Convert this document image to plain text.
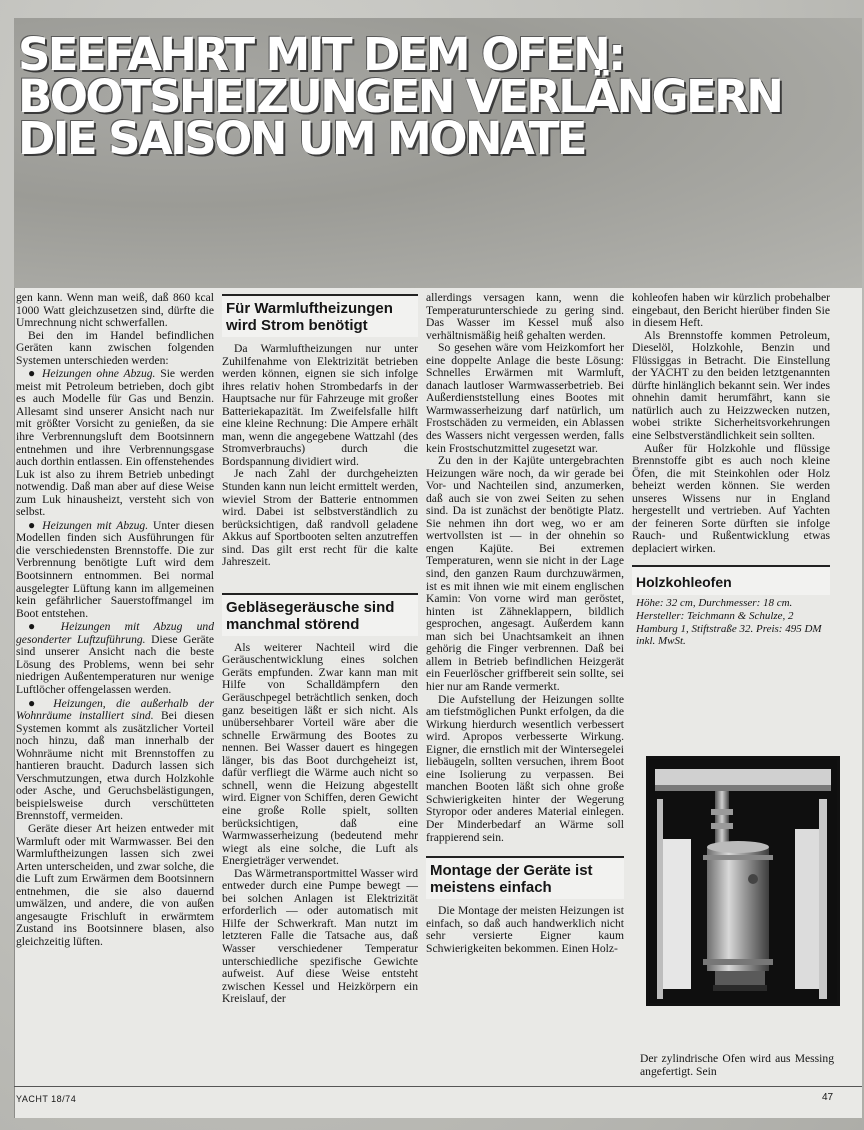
SEEFAHRT MIT DEM OFEN:
BOOTSHEIZUNGEN VERLÄNGERN
DIE SAISON UM MONATE

gen kann. Wenn man weiß, daß 860 kcal 1000 Watt gleichzusetzen sind, dürfte die Umrechnung nicht schwerfallen.

Bei den im Handel befindlichen Geräten kann zwischen folgenden Systemen unterschieden werden:

● Heizungen ohne Abzug. Sie werden meist mit Petroleum betrieben, doch gibt es auch Modelle für Gas und Benzin. Allesamt sind unserer Ansicht nach nur mit größter Vorsicht zu genießen, da sie ihre Verbrennungsluft dem Bootsinnern entnehmen und ihre Verbrennungsgase auch dorthin entlassen. Ein offenstehendes Luk ist also zu ihrem Betrieb unbedingt notwendig. Daß man aber auf diese Weise zum Luk hinausheizt, versteht sich von selbst.

● Heizungen mit Abzug. Unter diesen Modellen finden sich Ausführungen für die verschiedensten Brennstoffe. Die zur Verbrennung benötigte Luft wird dem Bootsinnern entnommen. Bei normal ausgelegter Lüftung kann im allgemeinen kein gefährlicher Sauerstoffmangel im Boot entstehen.

● Heizungen mit Abzug und gesonderter Luftzuführung. Diese Geräte sind unserer Ansicht nach die beste Lösung des Problems, wenn bei sehr niedrigen Außentemperaturen nur wenige Luftlöcher offengelassen werden.

● Heizungen, die außerhalb der Wohnräume installiert sind. Bei diesen Systemen kommt als zusätzlicher Vorteil noch hinzu, daß man innerhalb der Wohnräume nicht mit Brennstoffen zu hantieren braucht. Dadurch lassen sich Verschmutzungen, etwa durch Holzkohle oder Asche, und Geruchsbelästigungen, beispielsweise durch verschütteten Brennstoff, vermeiden.

Geräte dieser Art heizen entweder mit Warmluft oder mit Warmwasser. Bei den Warmluftheizungen lassen sich zwei Arten unterscheiden, und zwar solche, die die Luft zum Erwärmen dem Bootsinnern entnehmen, die sie also dauernd umwälzen, und andere, die von außen angesaugte Frischluft in erwärmtem Zustand ins Bootsinnere blasen, also gleichzeitig lüften.

Für Warmluftheizungen wird Strom benötigt

Da Warmluftheizungen nur unter Zuhilfenahme von Elektrizität betrieben werden können, eignen sie sich infolge ihres relativ hohen Strombedarfs in der Hauptsache nur für Fahrzeuge mit großer Batteriekapazität. Im Zweifelsfalle hilft eine kleine Rechnung: Die Ampere erhält man, wenn die angegebene Wattzahl (des Stromverbrauchs) durch die Bordspannung dividiert wird.

Je nach Zahl der durchgeheizten Stunden kann nun leicht ermittelt werden, wieviel Strom der Batterie entnommen wird. Dabei ist selbstverständlich zu berücksichtigen, daß randvoll geladene Akkus auf Sportbooten selten anzutreffen sind. Das gilt erst recht für die kalte Jahreszeit.

Gebläsegeräusche sind manchmal störend

Als weiterer Nachteil wird die Geräuschentwicklung eines solchen Geräts empfunden. Zwar kann man mit Hilfe von Schalldämpfern den Geräuschpegel beträchtlich senken, doch ganz beseitigen läßt er sich nicht. Als unübersehbarer Vorteil wäre aber die schnelle Erwärmung des Bootes zu nennen. Bei Wasser dauert es hingegen länger, bis das Boot durchgeheizt ist, dafür verfliegt die Wärme auch nicht so schnell, wenn die Heizung abgestellt wird. Eigner von Schiffen, deren Gewicht eine große Rolle spielt, sollten berücksichtigen, daß eine Warmwasserheizung (bedeutend mehr wiegt als eine solche, die Luft als Energieträger verwendet.

Das Wärmetransportmittel Wasser wird entweder durch eine Pumpe bewegt — bei solchen Anlagen ist Elektrizität erforderlich — oder automatisch mit Hilfe der Schwerkraft. Man nutzt im letzteren Falle die Tatsache aus, daß Wasser verschiedener Temperatur unterschiedliche spezifische Gewichte aufweist. Auf diese Weise entsteht zwischen Kessel und Heizkörpern ein Kreislauf, der

allerdings versagen kann, wenn die Temperaturunterschiede zu gering sind. Das Wasser im Kessel muß also verhältnismäßig heiß gehalten werden.

So gesehen wäre vom Heizkomfort her eine doppelte Anlage die beste Lösung: Schnelles Erwärmen mit Warmluft, danach lautloser Warmwasserbetrieb. Bei Außerdienststellung eines Bootes mit Warmwasserheizung darf natürlich, um Frostschäden zu vermeiden, ein Ablassen des Wassers nicht vergessen werden, falls kein Frostschutzmittel zugesetzt war.

Zu den in der Kajüte untergebrachten Heizungen wäre noch, da wir gerade bei Vor- und Nachteilen sind, anzumerken, daß auch sie von zwei Seiten zu sehen sind. Da ist zunächst der benötigte Platz. Sie nehmen ihn dort weg, wo er am wertvollsten ist — in der ohnehin so engen Kajüte. Bei extremen Temperaturen, wenn sie nicht in der Lage sind, den ganzen Raum durchzuwärmen, ist es mit ihnen wie mit einem englischen Kamin: Von vorne wird man geröstet, hinten ist Zähneklappern, bildlich gesprochen, angesagt. Außerdem kann man sich bei Unachtsamkeit an ihnen gehörig die Finger verbrennen. Daß bei allem in Betrieb befindlichen Heizgerät ein Feuerlöscher griffbereit sein sollte, sei hier nur am Rande vermerkt.

Die Aufstellung der Heizungen sollte am tiefstmöglichen Punkt erfolgen, da die Wirkung hierdurch wesentlich verbessert wird. Apropos verbesserte Wirkung. Eigner, die ernstlich mit der Wintersegelei liebäugeln, sollten versuchen, ihrem Boot eine Isolierung zu verpassen. Bei manchen Booten läßt sich ohne große Schwierigkeiten hinter der Wegerung Styropor oder anderes Material einlegen. Der Minderbedarf an Wärme soll frappierend sein.

Montage der Geräte ist meistens einfach

Die Montage der meisten Heizungen ist einfach, so daß auch handwerklich nicht sehr versierte Eigner kaum Schwierigkeiten bekommen. Einen Holz-

kohleofen haben wir kürzlich probehalber eingebaut, den Bericht hierüber finden Sie in diesem Heft.

Als Brennstoffe kommen Petroleum, Dieselöl, Holzkohle, Benzin und Flüssiggas in Betracht. Die Einstellung der YACHT zu den beiden letztgenannten dürfte hinlänglich bekannt sein. Wer indes ohnehin damit herumfährt, kann sie natürlich auch zu Heizzwecken nutzen, wobei strikte Sicherheitsvorkehrungen eine Selbstverständlichkeit sein sollten.

Außer für Holzkohle und flüssige Brennstoffe gibt es auch noch kleine Öfen, die mit Steinkohlen oder Holz beheizt werden können. Sie werden unseres Wissens nur in England hergestellt und vertrieben. Auf Yachten der feineren Sorte dürften sie infolge Rauch- und Rußentwicklung etwas deplaciert wirken.

Holzkohleofen
Höhe: 32 cm, Durchmesser: 18 cm. Hersteller: Teichmann & Schulze, 2 Hamburg 1, Stiftstraße 32. Preis: 495 DM inkl. MwSt.
Der zylindrische Ofen wird aus Messing angefertigt. Sein
YACHT 18/74	47
